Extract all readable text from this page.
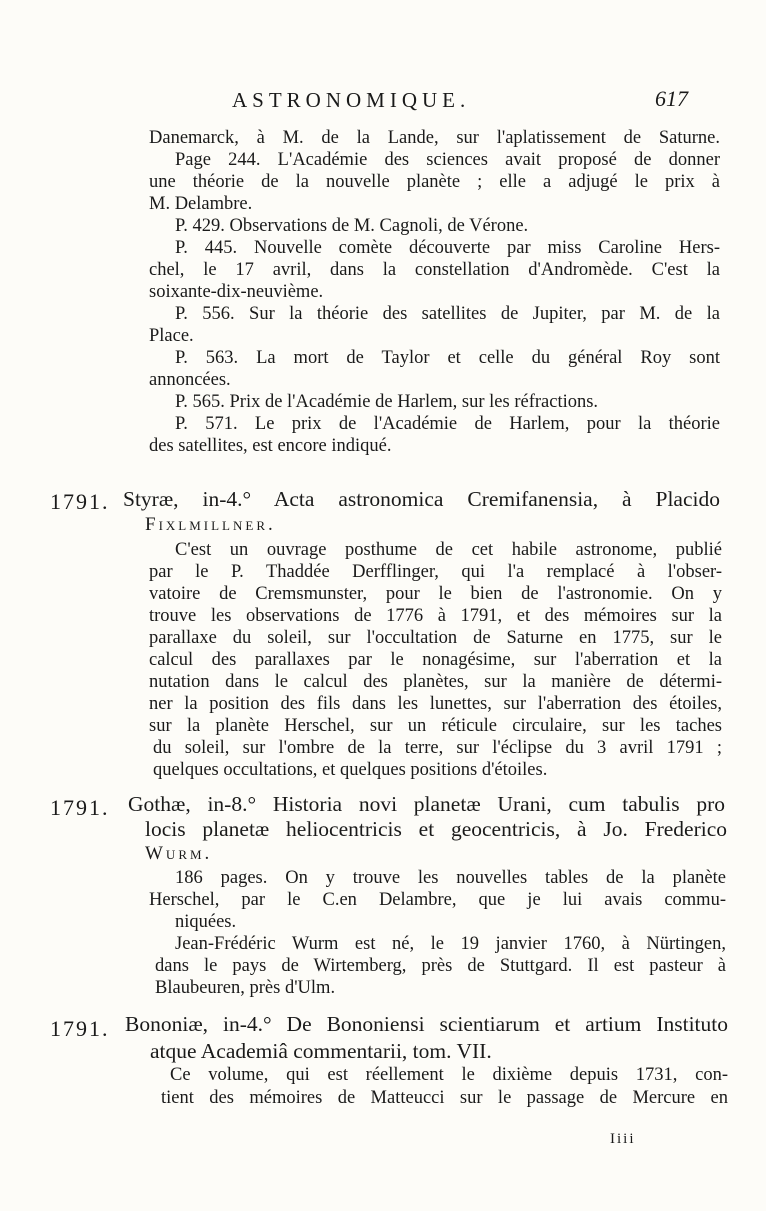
ASTRONOMIQUE.	617
Danemarck, à M. de la Lande, sur l'aplatissement de Saturne.
Page 244. L'Académie des sciences avait proposé de donner
une théorie de la nouvelle planète ; elle a adjugé le prix à
M. Delambre.
P. 429. Observations de M. Cagnoli, de Vérone.
P. 445. Nouvelle comète découverte par miss Caroline Hers-
chel, le 17 avril, dans la constellation d'Andromède. C'est la
soixante-dix-neuvième.
P. 556. Sur la théorie des satellites de Jupiter, par M. de la
Place.
P. 563. La mort de Taylor et celle du général Roy sont
annoncées.
P. 565. Prix de l'Académie de Harlem, sur les réfractions.
P. 571. Le prix de l'Académie de Harlem, pour la théorie
des satellites, est encore indiqué.
1791. Styræ, in-4.° Acta astronomica Cremifanensia, à Placido
Fixlmillner.
C'est un ouvrage posthume de cet habile astronome, publié
par le P. Thaddée Derfflinger, qui l'a remplacé à l'obser-
vatoire de Cremsmunster, pour le bien de l'astronomie. On y
trouve les observations de 1776 à 1791, et des mémoires sur la
parallaxe du soleil, sur l'occultation de Saturne en 1775, sur le
calcul des parallaxes par le nonagésime, sur l'aberration et la
nutation dans le calcul des planètes, sur la manière de détermi-
ner la position des fils dans les lunettes, sur l'aberration des étoiles,
sur la planète Herschel, sur un réticule circulaire, sur les taches
du soleil, sur l'ombre de la terre, sur l'éclipse du 3 avril 1791 ;
quelques occultations, et quelques positions d'étoiles.
1791. Gothæ, in-8.° Historia novi planetæ Urani, cum tabulis pro
locis planetæ heliocentricis et geocentricis, à Jo. Frederico
Wurm.
186 pages. On y trouve les nouvelles tables de la planète
Herschel, par le C.en Delambre, que je lui avais commu-
niquées.
Jean-Frédéric Wurm est né, le 19 janvier 1760, à Nürtingen,
dans le pays de Wirtemberg, près de Stuttgard. Il est pasteur à
Blaubeuren, près d'Ulm.
1791. Bononiæ, in-4.° De Bononiensi scientiarum et artium Instituto
atque Academiâ commentarii, tom. VII.
Ce volume, qui est réellement le dixième depuis 1731, con-
tient des mémoires de Matteucci sur le passage de Mercure en
Iiii
